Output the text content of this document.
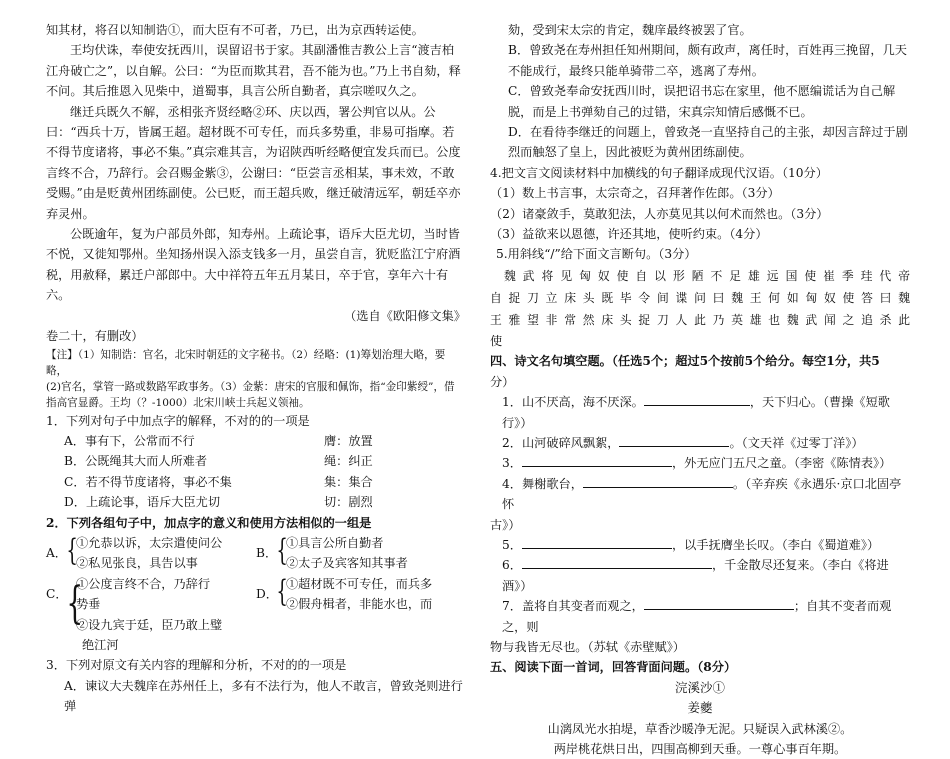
知其材，将召以知制诰①，而大臣有不可者，乃已，出为京西转运使。

王均伏诛，奉使安抚西川，误留诏书于家。其副潘惟吉教公上言“渡吉柏江舟破亡之”，以自解。公曰：“为臣而欺其君，吾不能为也。”乃上书自劾，释不问。其后推恩入见柴中，道蜀事，具言公所自勤者，真宗嗟叹久之。

继迁兵既久不解，丞相张齐贤经略②环、庆以西，署公判官以从。公曰：“西兵十万，皆属王超。超材既不可专任，而兵多势重，非易可指摩。若不得节度诸将，事必不集。”真宗难其言，为诏陕西听经略便宜发兵而已。公度言终不合，乃辞行。会召赐金紫③，公谢曰：“臣尝言丞相某，事未效，不敢受赐。”由是贬黄州团练副使。公已贬，而王超兵败，继迁破清远军，朝廷卒亦弃灵州。

公既逾年，复为户部员外郎，知寿州。上疏论事，语斥大臣尤切，当时皆不悦，又徙知鄂州。坐知扬州误入添支钱多一月，虽尝自言，犹贬监江宁府酒税，用赦释，累迁户部郎中。大中祥符五年五月某日，卒于官，享年六十有六。

（选自《欧阳修文集》

卷二十，有删改）

【注】（1）知制诰：官名，北宋时朝廷的文字秘书。（2）经略：(1)筹划治理大略，要略，

(2)官名，掌管一路或数路军政事务。（3）金紫：唐宋的官服和佩饰，指“金印紫绶”，借

指高官显爵。王均（？-1000）北宋川峡士兵起义领袖。

1．下列对句子中加点字的解释，不对的的一项是

A．事有下，公常而不行	膺：放置
B．公既绳其大而人所难者	绳：纠正
C．若不得节度诸将，事必不集	集：集合
D．上疏论事，语斥大臣尤切	切：剧烈

2．下列各组句子中，加点字的意义和使用方法相似的一组是

A． {
①允恭以诉，太宗遣使问公
②私见张良，具告以事
B． {
①具言公所自勤者
②太子及宾客知其事者
C．
{
①公度言终不合，乃辞行
势垂
②设九宾于廷，臣乃敢上璧
D．
{
①超材既不可专任，而兵多
②假舟楫者，非能水也，而
绝江河

3．下列对原文有关内容的理解和分析，不对的的一项是

A．谏议大夫魏庠在苏州任上，多有不法行为，他人不敢言，曾致尧则进行弹

劾，受到宋太宗的肯定，魏庠最终被罢了官。

B．曾致尧在寿州担任知州期间，颇有政声，离任时，百姓再三挽留，几天不能成行，最终只能单骑带二卒，逃离了寿州。

C．曾致尧奉命安抚西川时，误把诏书忘在家里，他不愿编谎话为自己解脱，而是上书弹劾自己的过错，宋真宗知情后感慨不已。

D．在看待李继迁的问题上，曾致尧一直坚持自己的主张，却因言辞过于剧烈而触怒了皇上，因此被贬为黄州团练副使。

4.把文言文阅读材料中加横线的句子翻译成现代汉语。（10分）

（1）数上书言事，太宗奇之，召拜著作佐郎。（3分）

（2）诸豪敛手，莫敢犯法，人亦莫见其以何术而然也。（3分）

（3）益欲来以恩德，许还其地，使听约束。（4分）

5.用斜线“/”给下面文言断句。（3分）

魏武将见匈奴使自以形陋不足雄远国使崔季珪代帝

自捉刀立床头既毕令间谍问曰魏王何如匈奴使答曰魏

王雅望非常然床头捉刀人此乃英雄也魏武闻之追杀此

使

四、诗文名句填空题。（任选5个；超过5个按前5个给分。每空1分，共5

分）

1．山不厌高，海不厌深。	，天下归心。（曹操《短歌行》）

2．山河破碎风飘絮，	。（文天祥《过零丁洋》）

3．	，外无应门五尺之童。（李密《陈情表》）

4．舞榭歌台，	。（辛弃疾《永遇乐·京口北固亭怀

古》）

5．	，以手抚膺坐长叹。（李白《蜀道难》）

6．	，千金散尽还复来。（李白《将进酒》）

7．盖将自其变者而观之，	；自其不变者而观之，则

物与我皆无尽也。（苏轼《赤壁赋》）

五、阅读下面一首词，回答背面问题。（8分）

浣溪沙①

姜夔

山漓凤光水拍堤，草香沙暖净无泥。只疑误入武林溪②。

两岸桃花烘日出，四围高柳到天垂。一尊心事百年期。
